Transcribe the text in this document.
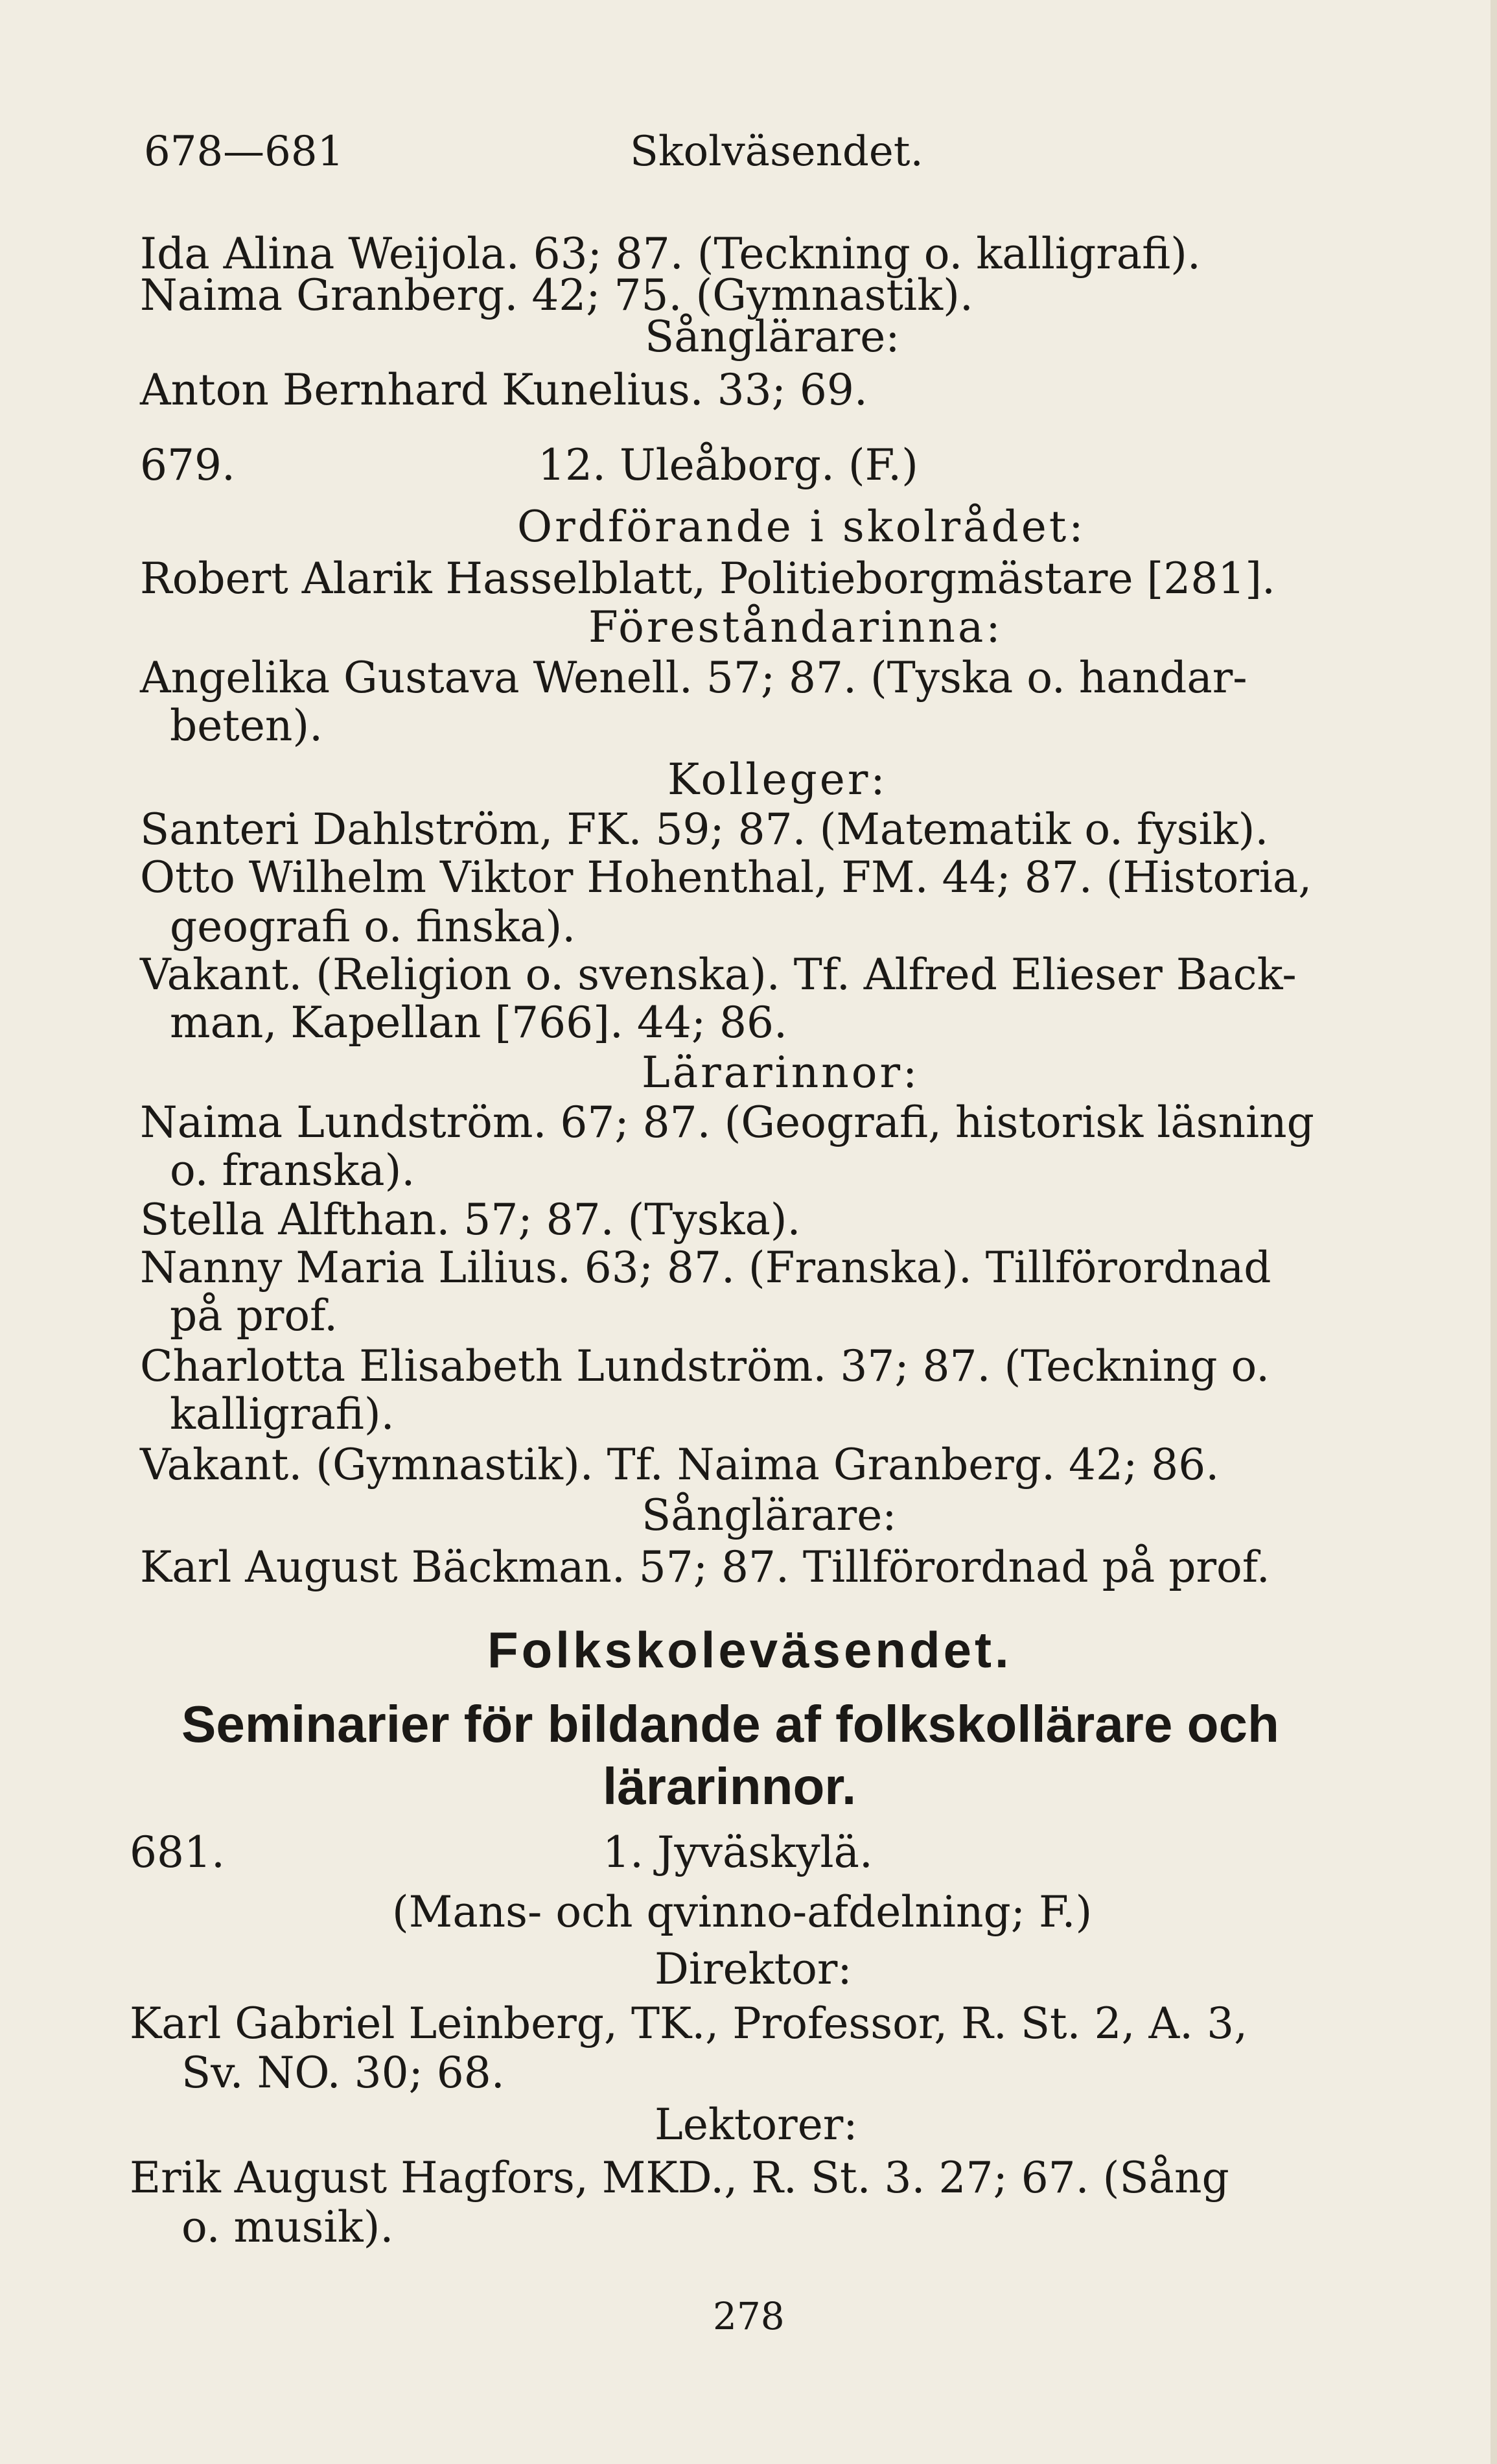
678—681	Skolväsendet.
Ida Alina Weijola. 63; 87. (Teckning o. kalligrafi).
Naima Granberg. 42; 75. (Gymnastik).
Sånglärare:
Anton Bernhard Kunelius. 33; 69.
679.	12. Uleåborg. (F.)
Ordförande i skolrådet:
Robert Alarik Hasselblatt, Politieborgmästare [281].
Föreståndarinna:
Angelika Gustava Wenell. 57; 87. (Tyska o. handar-
beten).
Kolleger:
Santeri Dahlström, FK. 59; 87. (Matematik o. fysik).
Otto Wilhelm Viktor Hohenthal, FM. 44; 87. (Historia,
geografi o. finska).
Vakant. (Religion o. svenska). Tf. Alfred Elieser Back-
man, Kapellan [766]. 44; 86.
Lärarinnor:
Naima Lundström. 67; 87. (Geografi, historisk läsning
o. franska).
Stella Alfthan. 57; 87. (Tyska).
Nanny Maria Lilius. 63; 87. (Franska). Tillförordnad
på prof.
Charlotta Elisabeth Lundström. 37; 87. (Teckning o.
kalligrafi).
Vakant. (Gymnastik). Tf. Naima Granberg. 42; 86.
Sånglärare:
Karl August Bäckman. 57; 87. Tillförordnad på prof.
Folkskoleväsendet.
Seminarier för bildande af folkskollärare och
lärarinnor.
681.	1. Jyväskylä.
(Mans- och qvinno-afdelning; F.)
Direktor:
Karl Gabriel Leinberg, TK., Professor, R. St. 2, A. 3,
Sv. NO. 30; 68.
Lektorer:
Erik August Hagfors, MKD., R. St. 3. 27; 67. (Sång
o. musik).
278
